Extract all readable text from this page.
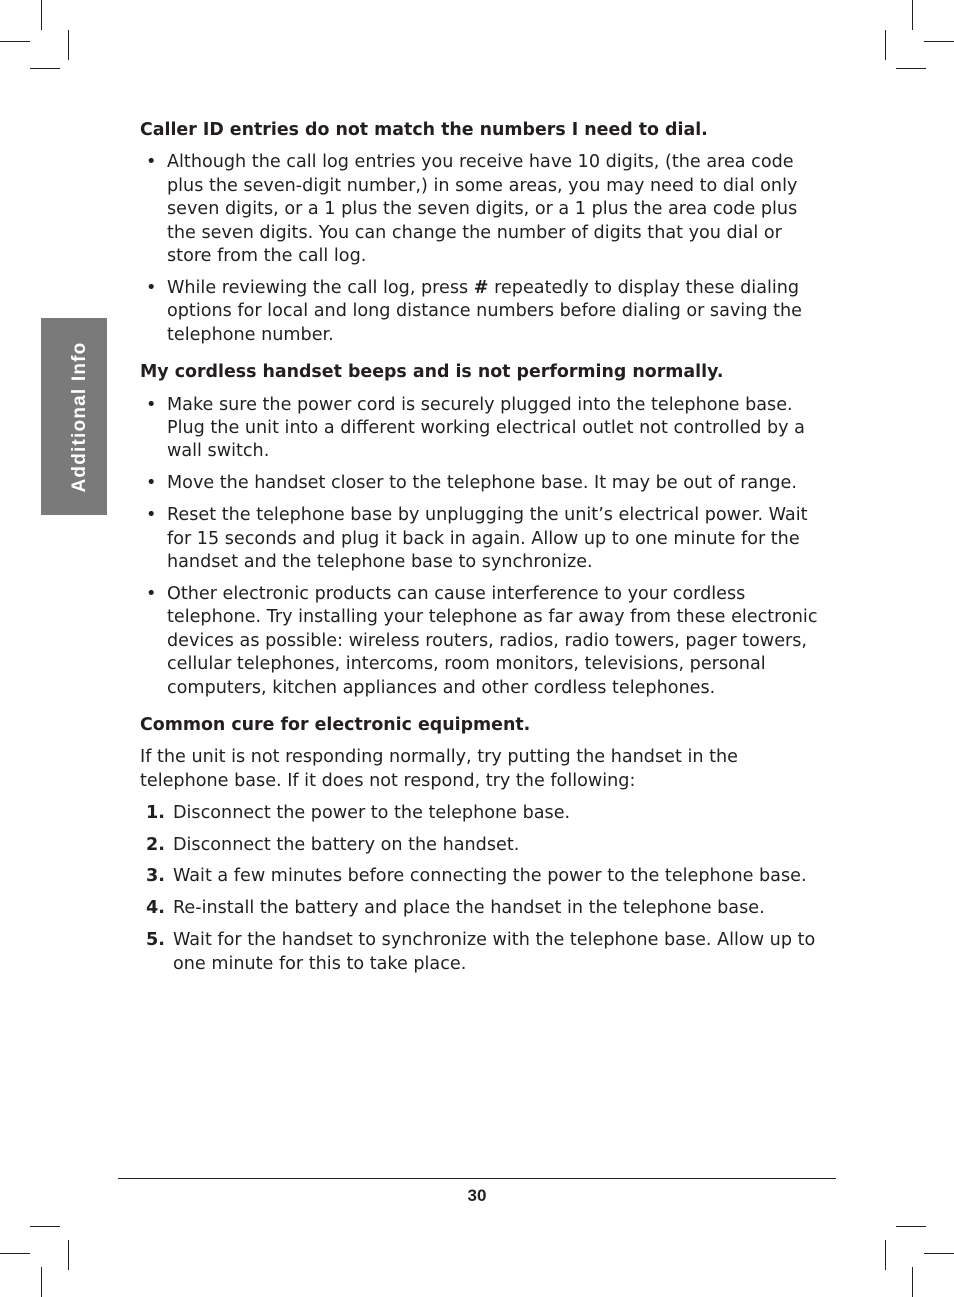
Additional Info

Caller ID entries do not match the numbers I need to dial.

• Although the call log entries you receive have 10 digits, (the area code plus the seven-digit number,) in some areas, you may need to dial only seven digits, or a 1 plus the seven digits, or a 1 plus the area code plus the seven digits. You can change the number of digits that you dial or store from the call log.
• While reviewing the call log, press # repeatedly to display these dialing options for local and long distance numbers before dialing or saving the telephone number.

My cordless handset beeps and is not performing normally.

• Make sure the power cord is securely plugged into the telephone base. Plug the unit into a different working electrical outlet not controlled by a wall switch.
• Move the handset closer to the telephone base. It may be out of range.
• Reset the telephone base by unplugging the unit’s electrical power. Wait for 15 seconds and plug it back in again. Allow up to one minute for the handset and the telephone base to synchronize.
• Other electronic products can cause interference to your cordless telephone. Try installing your telephone as far away from these electronic devices as possible: wireless routers, radios, radio towers, pager towers, cellular telephones, intercoms, room monitors, televisions, personal computers, kitchen appliances and other cordless telephones.

Common cure for electronic equipment.

If the unit is not responding normally, try putting the handset in the telephone base. If it does not respond, try the following:

1. Disconnect the power to the telephone base.
2. Disconnect the battery on the handset.
3. Wait a few minutes before connecting the power to the telephone base.
4. Re-install the battery and place the handset in the telephone base.
5. Wait for the handset to synchronize with the telephone base. Allow up to one minute for this to take place.
30
